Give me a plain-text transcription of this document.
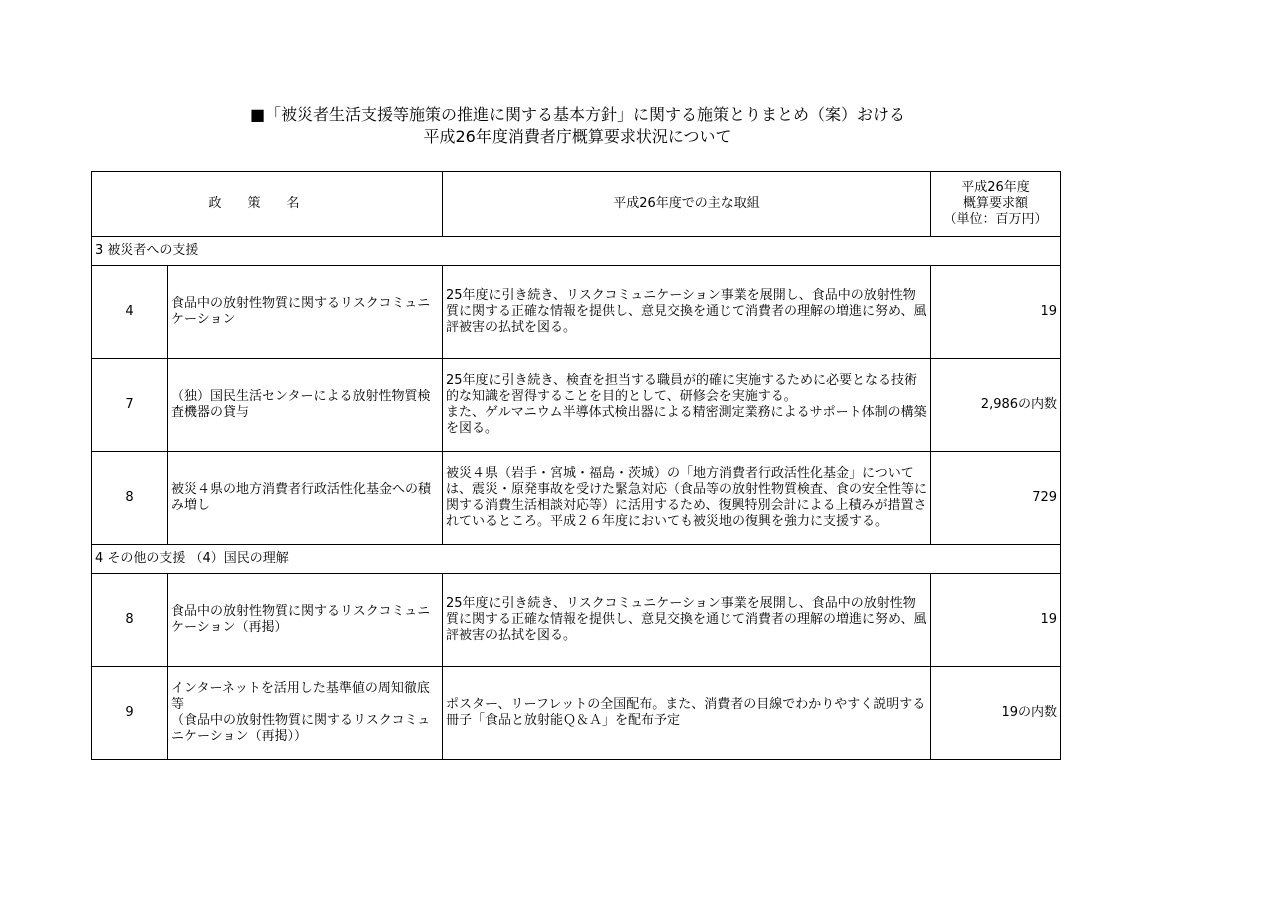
■「被災者生活支援等施策の推進に関する基本方針」に関する施策とりまとめ（案）おける
平成26年度消費者庁概算要求状況について
政策名		平成26年度での主な取組	平成26年度
概算要求額
（単位：百万円）

3 被災者への支援			
4	食品中の放射性物質に関するリスクコミュニケーション	25年度に引き続き、リスクコミュニケーション事業を展開し、食品中の放射性物質に関する正確な情報を提供し、意見交換を通じて消費者の理解の増進に努め、風評被害の払拭を図る。	19
7	（独）国民生活センターによる放射性物質検査機器の貸与	25年度に引き続き、検査を担当する職員が的確に実施するために必要となる技術的な知識を習得することを目的として、研修会を実施する。
また、ゲルマニウム半導体式検出器による精密測定業務によるサポート体制の構築を図る。	2,986の内数
8	被災４県の地方消費者行政活性化基金への積み増し	被災４県（岩手・宮城・福島・茨城）の「地方消費者行政活性化基金」については、震災・原発事故を受けた緊急対応（食品等の放射性物質検査、食の安全性等に関する消費生活相談対応等）に活用するため、復興特別会計による上積みが措置されているところ。平成２６年度においても被災地の復興を強力に支援する。	729
4 その他の支援 （4）国民の理解			
8	食品中の放射性物質に関するリスクコミュニケーション（再掲）	25年度に引き続き、リスクコミュニケーション事業を展開し、食品中の放射性物質に関する正確な情報を提供し、意見交換を通じて消費者の理解の増進に努め、風評被害の払拭を図る。	19
9	インターネットを活用した基準値の周知徹底等
（食品中の放射性物質に関するリスクコミュニケーション（再掲））	ポスター、リーフレットの全国配布。また、消費者の目線でわかりやすく説明する冊子「食品と放射能Ｑ＆Ａ」を配布予定	19の内数
